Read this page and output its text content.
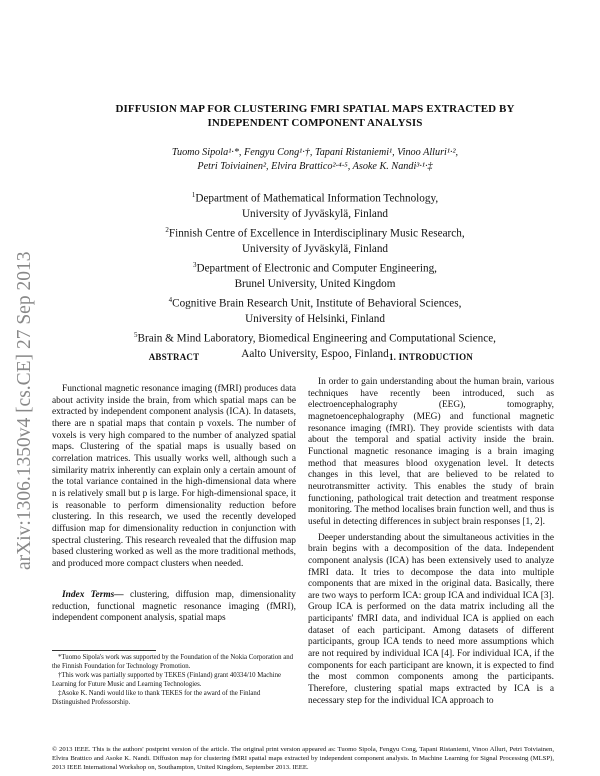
arXiv:1306.1350v4 [cs.CE] 27 Sep 2013
DIFFUSION MAP FOR CLUSTERING FMRI SPATIAL MAPS EXTRACTED BY
INDEPENDENT COMPONENT ANALYSIS
Tuomo Sipola¹·*, Fengyu Cong¹·†, Tapani Ristaniemi¹, Vinoo Alluri¹·²,
Petri Toiviainen², Elvira Brattico²·⁴·⁵, Asoke K. Nandi³·¹·‡
$^1$Department of Mathematical Information Technology,
University of Jyväskylä, Finland
$^2$Finnish Centre of Excellence in Interdisciplinary Music Research,
University of Jyväskylä, Finland
$^3$Department of Electronic and Computer Engineering,
Brunel University, United Kingdom
$^4$Cognitive Brain Research Unit, Institute of Behavioral Sciences,
University of Helsinki, Finland
$^5$Brain & Mind Laboratory, Biomedical Engineering and Computational Science,
Aalto University, Espoo, Finland
ABSTRACT	1. INTRODUCTION

Functional magnetic resonance imaging (fMRI) produces data about activity inside the brain, from which spatial maps can be extracted by independent component analysis (ICA). In datasets, there are n spatial maps that contain p voxels. The number of voxels is very high compared to the number of analyzed spatial maps. Clustering of the spatial maps is usually based on correlation matrices. This usually works well, although such a similarity matrix inherently can explain only a certain amount of the total variance contained in the high-dimensional data where n is relatively small but p is large. For high-dimensional space, it is reasonable to perform dimensionality reduction before clustering. In this research, we used the recently developed diffusion map for dimensionality reduction in conjunction with spectral clustering. This research revealed that the diffusion map based clustering worked as well as the more traditional methods, and produced more compact clusters when needed.

Index Terms— clustering, diffusion map, dimensionality reduction, functional magnetic resonance imaging (fMRI), independent component analysis, spatial maps

*Tuomo Sipola's work was supported by the Foundation of the Nokia Corporation and the Finnish Foundation for Technology Promotion.

†This work was partially supported by TEKES (Finland) grant 40334/10 Machine Learning for Future Music and Learning Technologies.

‡Asoke K. Nandi would like to thank TEKES for the award of the Finland Distinguished Professorship.

In order to gain understanding about the human brain, various techniques have recently been introduced, such as electroencephalography (EEG), tomography, magnetoencephalography (MEG) and functional magnetic resonance imaging (fMRI). They provide scientists with data about the temporal and spatial activity inside the brain. Functional magnetic resonance imaging is a brain imaging method that measures blood oxygenation level. It detects changes in this level, that are believed to be related to neurotransmitter activity. This enables the study of brain functioning, pathological trait detection and treatment response monitoring. The method localises brain function well, and thus is useful in detecting differences in subject brain responses [1, 2].

Deeper understanding about the simultaneous activities in the brain begins with a decomposition of the data. Independent component analysis (ICA) has been extensively used to analyze fMRI data. It tries to decompose the data into multiple components that are mixed in the original data. Basically, there are two ways to perform ICA: group ICA and individual ICA [3]. Group ICA is performed on the data matrix including all the participants' fMRI data, and individual ICA is applied on each dataset of each participant. Among datasets of different participants, group ICA tends to need more assumptions which are not required by individual ICA [4]. For individual ICA, if the components for each participant are known, it is expected to find the most common components among the participants. Therefore, clustering spatial maps extracted by ICA is a necessary step for the individual ICA approach to

© 2013 IEEE. This is the authors' postprint version of the article. The original print version appeared as: Tuomo Sipola, Fengyu Cong, Tapani Ristaniemi, Vinoo Alluri, Petri Toiviainen, Elvira Brattico and Asoke K. Nandi. Diffusion map for clustering fMRI spatial maps extracted by independent component analysis. In Machine Learning for Signal Processing (MLSP), 2013 IEEE International Workshop on, Southampton, United Kingdom, September 2013. IEEE.
